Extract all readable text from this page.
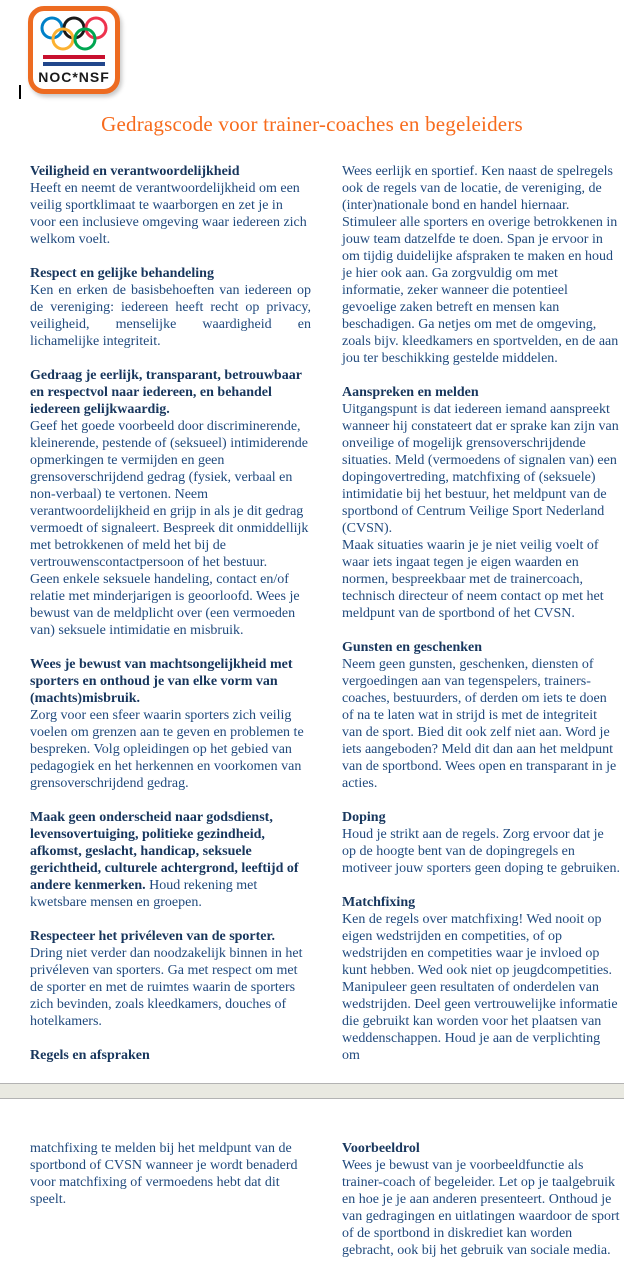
NOC*NSF
Gedragscode voor trainer-coaches en begeleiders
Veiligheid en verantwoordelijkheid

Heeft en neemt de verantwoordelijkheid om een veilig sportklimaat te waarborgen en zet je in voor een inclusieve omgeving waar iedereen zich welkom voelt.

Respect en gelijke behandeling

Ken en erken de basisbehoeften van iedereen op de vereniging: iedereen heeft recht op privacy, veiligheid, menselijke waardigheid en lichamelijke integriteit.

Gedraag je eerlijk, transparant, betrouwbaar en respectvol naar iedereen, en behandel iedereen gelijkwaardig.

Geef het goede voorbeeld door discriminerende, kleinerende, pestende of (seksueel) intimiderende opmerkingen te vermijden en geen grensoverschrijdend gedrag (fysiek, verbaal en non-verbaal) te vertonen. Neem verantwoordelijkheid en grijp in als je dit gedrag vermoedt of signaleert. Bespreek dit onmiddellijk met betrokkenen of meld het bij de vertrouwenscontactpersoon of het bestuur.

Geen enkele seksuele handeling, contact en/of relatie met minderjarigen is geoorloofd. Wees je bewust van de meldplicht over (een vermoeden van) seksuele intimidatie en misbruik.

Wees je bewust van machtsongelijkheid met sporters en onthoud je van elke vorm van (machts)misbruik.

Zorg voor een sfeer waarin sporters zich veilig voelen om grenzen aan te geven en problemen te bespreken. Volg opleidingen op het gebied van pedagogiek en het herkennen en voorkomen van grensoverschrijdend gedrag.

Maak geen onderscheid naar godsdienst, levensovertuiging, politieke gezindheid, afkomst, geslacht, handicap, seksuele gerichtheid, culturele achtergrond, leeftijd of andere kenmerken. Houd rekening met kwetsbare mensen en groepen.

Respecteer het privéleven van de sporter.

Dring niet verder dan noodzakelijk binnen in het privéleven van sporters. Ga met respect om met de sporter en met de ruimtes waarin de sporters zich bevinden, zoals kleedkamers, douches of hotelkamers.

Regels en afspraken

Wees eerlijk en sportief. Ken naast de spelregels ook de regels van de locatie, de vereniging, de (inter)nationale bond en handel hiernaar. Stimuleer alle sporters en overige betrokkenen in jouw team datzelfde te doen. Span je ervoor in om tijdig duidelijke afspraken te maken en houd je hier ook aan. Ga zorgvuldig om met informatie, zeker wanneer die potentieel gevoelige zaken betreft en mensen kan beschadigen. Ga netjes om met de omgeving, zoals bijv. kleedkamers en sportvelden, en de aan jou ter beschikking gestelde middelen.

Aanspreken en melden

Uitgangspunt is dat iedereen iemand aanspreekt wanneer hij constateert dat er sprake kan zijn van onveilige of mogelijk grensoverschrijdende situaties. Meld (vermoedens of signalen van) een dopingovertreding, matchfixing of (seksuele) intimidatie bij het bestuur, het meldpunt van de sportbond of Centrum Veilige Sport Nederland (CVSN).

Maak situaties waarin je je niet veilig voelt of waar iets ingaat tegen je eigen waarden en normen, bespreekbaar met de trainercoach, technisch directeur of neem contact op met het meldpunt van de sportbond of het CVSN.

Gunsten en geschenken

Neem geen gunsten, geschenken, diensten of vergoedingen aan van tegenspelers, trainers-coaches, bestuurders, of derden om iets te doen of na te laten wat in strijd is met de integriteit van de sport. Bied dit ook zelf niet aan. Word je iets aangeboden? Meld dit dan aan het meldpunt van de sportbond. Wees open en transparant in je acties.

Doping

Houd je strikt aan de regels. Zorg ervoor dat je op de hoogte bent van de dopingregels en motiveer jouw sporters geen doping te gebruiken.

Matchfixing

Ken de regels over matchfixing! Wed nooit op eigen wedstrijden en competities, of op wedstrijden en competities waar je invloed op kunt hebben. Wed ook niet op jeugdcompetities. Manipuleer geen resultaten of onderdelen van wedstrijden. Deel geen vertrouwelijke informatie die gebruikt kan worden voor het plaatsen van weddenschappen. Houd je aan de verplichting om

matchfixing te melden bij het meldpunt van de sportbond of CVSN wanneer je wordt benaderd voor matchfixing of vermoedens hebt dat dit speelt.

Voorbeeldrol

Wees je bewust van je voorbeeldfunctie als trainer-coach of begeleider. Let op je taalgebruik en hoe je je aan anderen presenteert. Onthoud je van gedragingen en uitlatingen waardoor de sport of de sportbond in diskrediet kan worden gebracht, ook bij het gebruik van sociale media.
